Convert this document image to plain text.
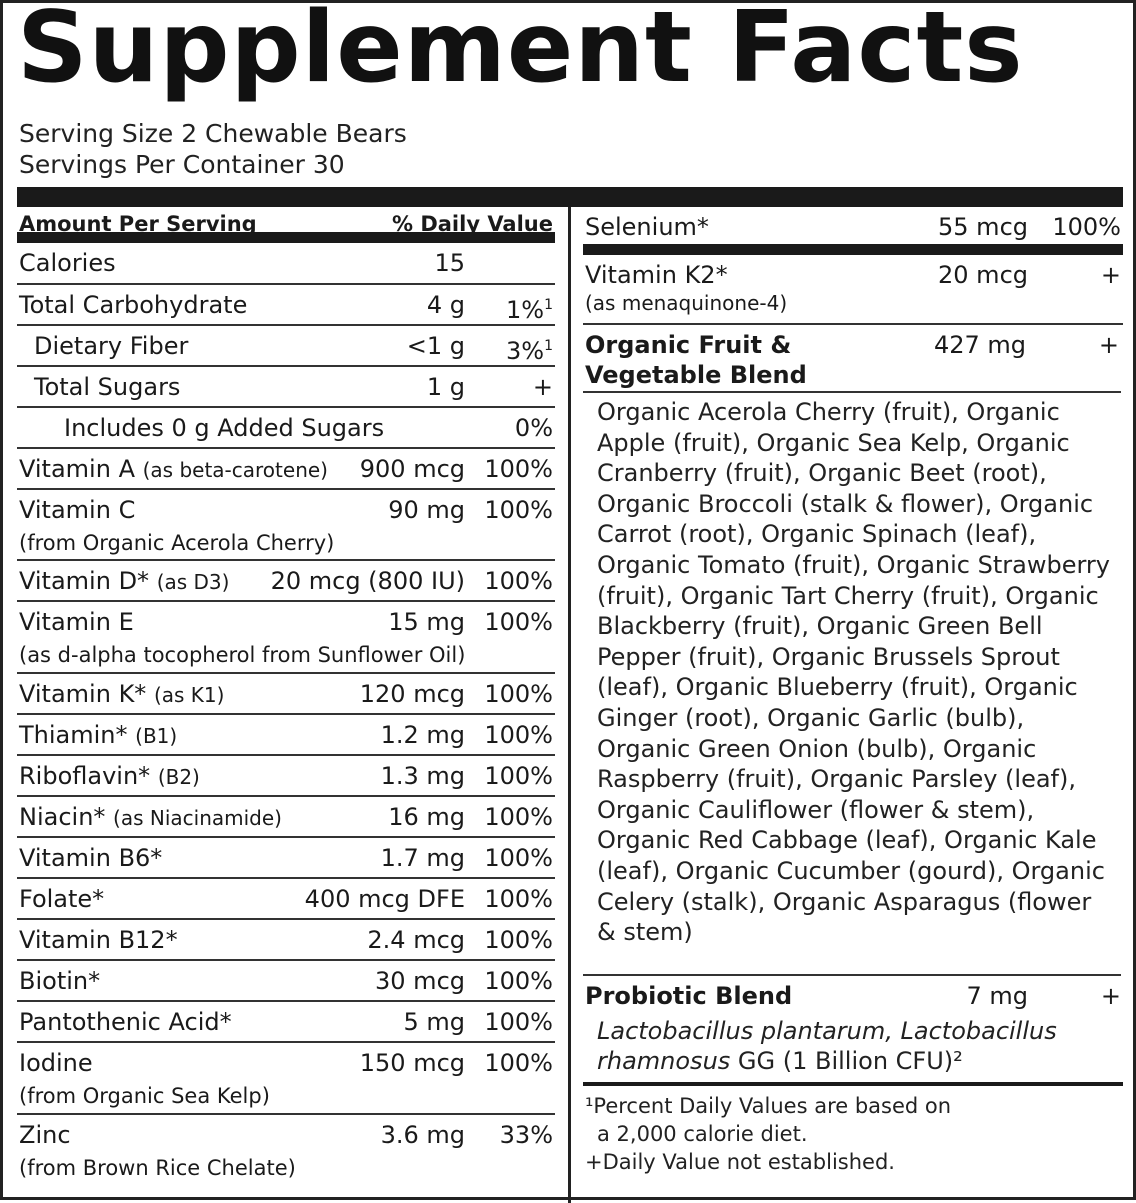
Supplement Facts
Serving Size 2 Chewable Bears
Servings Per Container 30
Amount Per Serving	% Daily Value
Calories	15
Total Carbohydrate	4 g 1%$^1$
Dietary Fiber	<1 g 3%$^1$
Total Sugars	1 g	+
Includes 0 g Added Sugars	0%
Vitamin A (as beta-carotene) 900 mcg 100%
Vitamin C	90 mg 100%
(from Organic Acerola Cherry)
Vitamin D* (as D3) 20 mcg (800 IU) 100%
Vitamin E	15 mg 100%
(as d-alpha tocopherol from Sunflower Oil)
Vitamin K* (as K1)	120 mcg 100%
Thiamin* (B1)	1.2 mg 100%
Riboflavin* (B2)	1.3 mg 100%
Niacin* (as Niacinamide)	16 mg 100%
Vitamin B6*	1.7 mg 100%
Folate*	400 mcg DFE 100%
Vitamin B12*	2.4 mcg 100%
Biotin*	30 mcg 100%
Pantothenic Acid*	5 mg 100%
Iodine	150 mcg 100%
(from Organic Sea Kelp)
Zinc	3.6 mg 33%
(from Brown Rice Chelate)
Selenium*	55 mcg 100%
Vitamin K2*	20 mcg	+
(as menaquinone-4)
Organic Fruit &
Vegetable Blend
427 mg	+
Organic Acerola Cherry (fruit), Organic Apple (fruit), Organic Sea Kelp, Organic Cranberry (fruit), Organic Beet (root), Organic Broccoli (stalk & flower), Organic Carrot (root), Organic Spinach (leaf), Organic Tomato (fruit), Organic Strawberry (fruit), Organic Tart Cherry (fruit), Organic Blackberry (fruit), Organic Green Bell Pepper (fruit), Organic Brussels Sprout (leaf), Organic Blueberry (fruit), Organic Ginger (root), Organic Garlic (bulb), Organic Green Onion (bulb), Organic Raspberry (fruit), Organic Parsley (leaf), Organic Cauliflower (flower & stem), Organic Red Cabbage (leaf), Organic Kale (leaf), Organic Cucumber (gourd), Organic Celery (stalk), Organic Asparagus (flower & stem)
Probiotic Blend	7 mg	+
Lactobacillus plantarum, Lactobacillus rhamnosus GG (1 Billion CFU)²
¹Percent Daily Values are based on
a 2,000 calorie diet.
+Daily Value not established.
